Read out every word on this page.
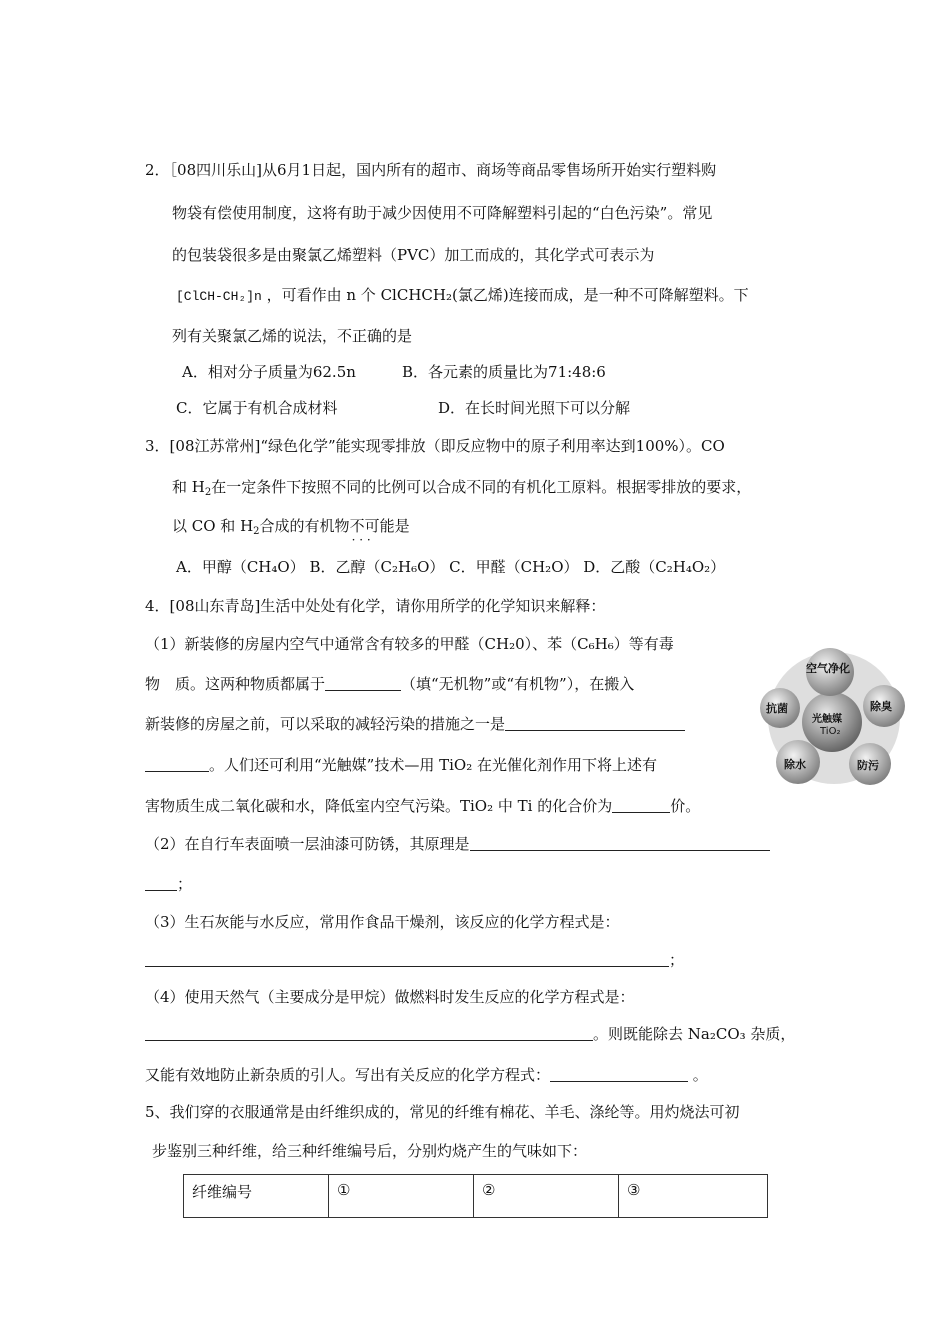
2．［08四川乐山]从6月1日起，国内所有的超市、商场等商品零售场所开始实行塑料购
物袋有偿使用制度，这将有助于减少因使用不可降解塑料引起的“白色污染”。常见
的包装袋很多是由聚氯乙烯塑料（PVC）加工而成的，其化学式可表示为
[ClCH-CH₂]n ，可看作由 n 个 ClCHCH₂(氯乙烯)连接而成，是一种不可降解塑料。下
列有关聚氯乙烯的说法，不正确的是
A．相对分子质量为62.5n	B．各元素的质量比为71:48:6
C．它属于有机合成材料	D．在长时间光照下可以分解
3．[08江苏常州]“绿色化学”能实现零排放（即反应物中的原子利用率达到100%）。CO
和 $H_2$在一定条件下按照不同的比例可以合成不同的有机化工原料。根据零排放的要求，
以 CO 和 $H_2$合成的有机物不可能 · · ·是
A．甲醇（CH₄O） B．乙醇（C₂H₆O） C．甲醛（CH₂O） D．乙酸（C₂H₄O₂）
4．[08山东青岛]生活中处处有化学，请你用所学的化学知识来解释：
（1）新装修的房屋内空气中通常含有较多的甲醛（CH₂0）、苯（C₆H₆）等有毒
物　质。这两种物质都属于	（填“无机物”或“有机物”），在搬入
新装修的房屋之前，可以采取的减轻污染的措施之一是
。人们还可利用“光触媒”技术—用 TiO₂ 在光催化剂作用下将上述有
害物质生成二氧化碳和水，降低室内空气污染。TiO₂ 中 Ti 的化合价为	价。
空气净化
抗菌	除臭
光触媒
TiO₂
除水	防污
（2）在自行车表面喷一层油漆可防锈，其原理是
；
（3）生石灰能与水反应，常用作食品干燥剂，该反应的化学方程式是：
；
（4）使用天然气（主要成分是甲烷）做燃料时发生反应的化学方程式是：
。则既能除去 Na₂CO₃ 杂质，
又能有效地防止新杂质的引人。写出有关反应的化学方程式：	。
5、我们穿的衣服通常是由纤维织成的，常见的纤维有棉花、羊毛、涤纶等。用灼烧法可初
步鉴别三种纤维，给三种纤维编号后，分别灼烧产生的气味如下：
纤维编号	①	②	③
